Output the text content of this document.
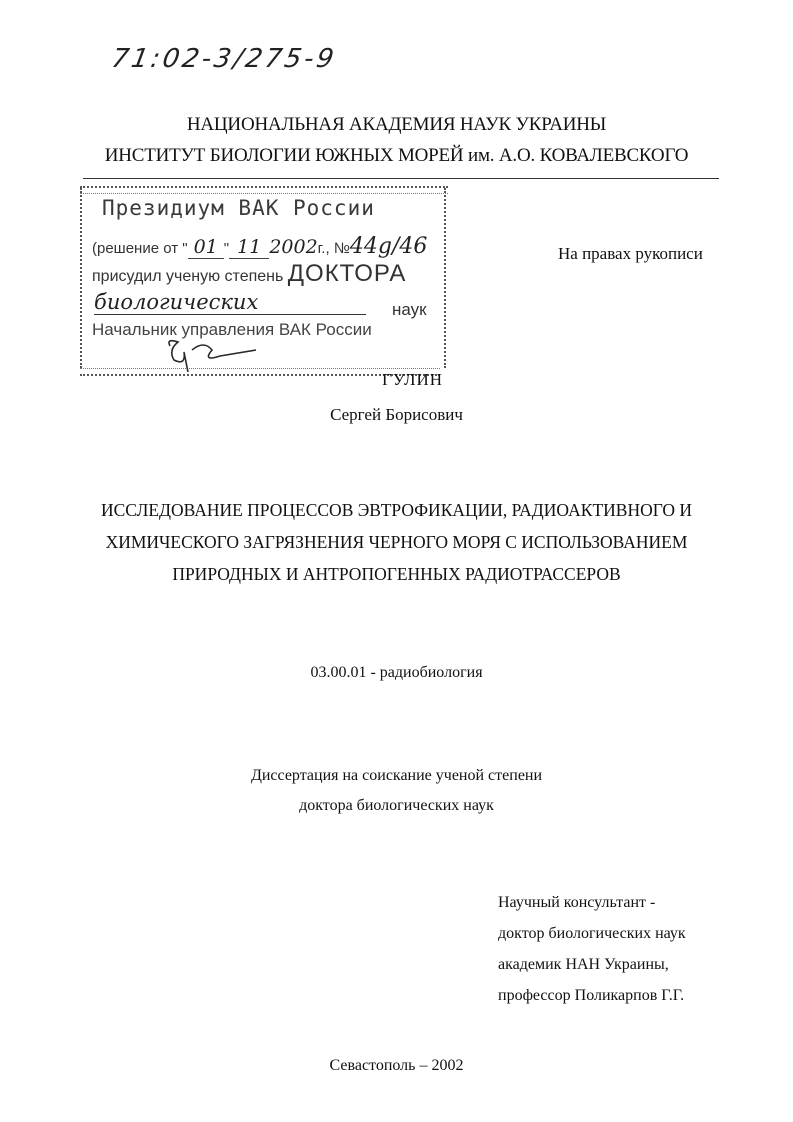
71:02-3/275-9
НАЦИОНАЛЬНАЯ АКАДЕМИЯ НАУК УКРАИНЫ
ИНСТИТУТ БИОЛОГИИ ЮЖНЫХ МОРЕЙ им. А.О. КОВАЛЕВСКОГО
Президиум ВАК России
(решение от " 01 " 11 2002г., №44g/46
присудил ученую степень ДОКТОРА
биологических	наук
Начальник управления ВАК России
На правах рукописи
ГУЛИН
Сергей Борисович
ИССЛЕДОВАНИЕ ПРОЦЕССОВ ЭВТРОФИКАЦИИ, РАДИОАКТИВНОГО И
ХИМИЧЕСКОГО ЗАГРЯЗНЕНИЯ ЧЕРНОГО МОРЯ С ИСПОЛЬЗОВАНИЕМ
ПРИРОДНЫХ И АНТРОПОГЕННЫХ РАДИОТРАССЕРОВ
03.00.01 - радиобиология
Диссертация на соискание ученой степени
доктора биологических наук
Научный консультант -
доктор биологических наук
академик НАН Украины,
профессор Поликарпов Г.Г.
Севастополь – 2002
